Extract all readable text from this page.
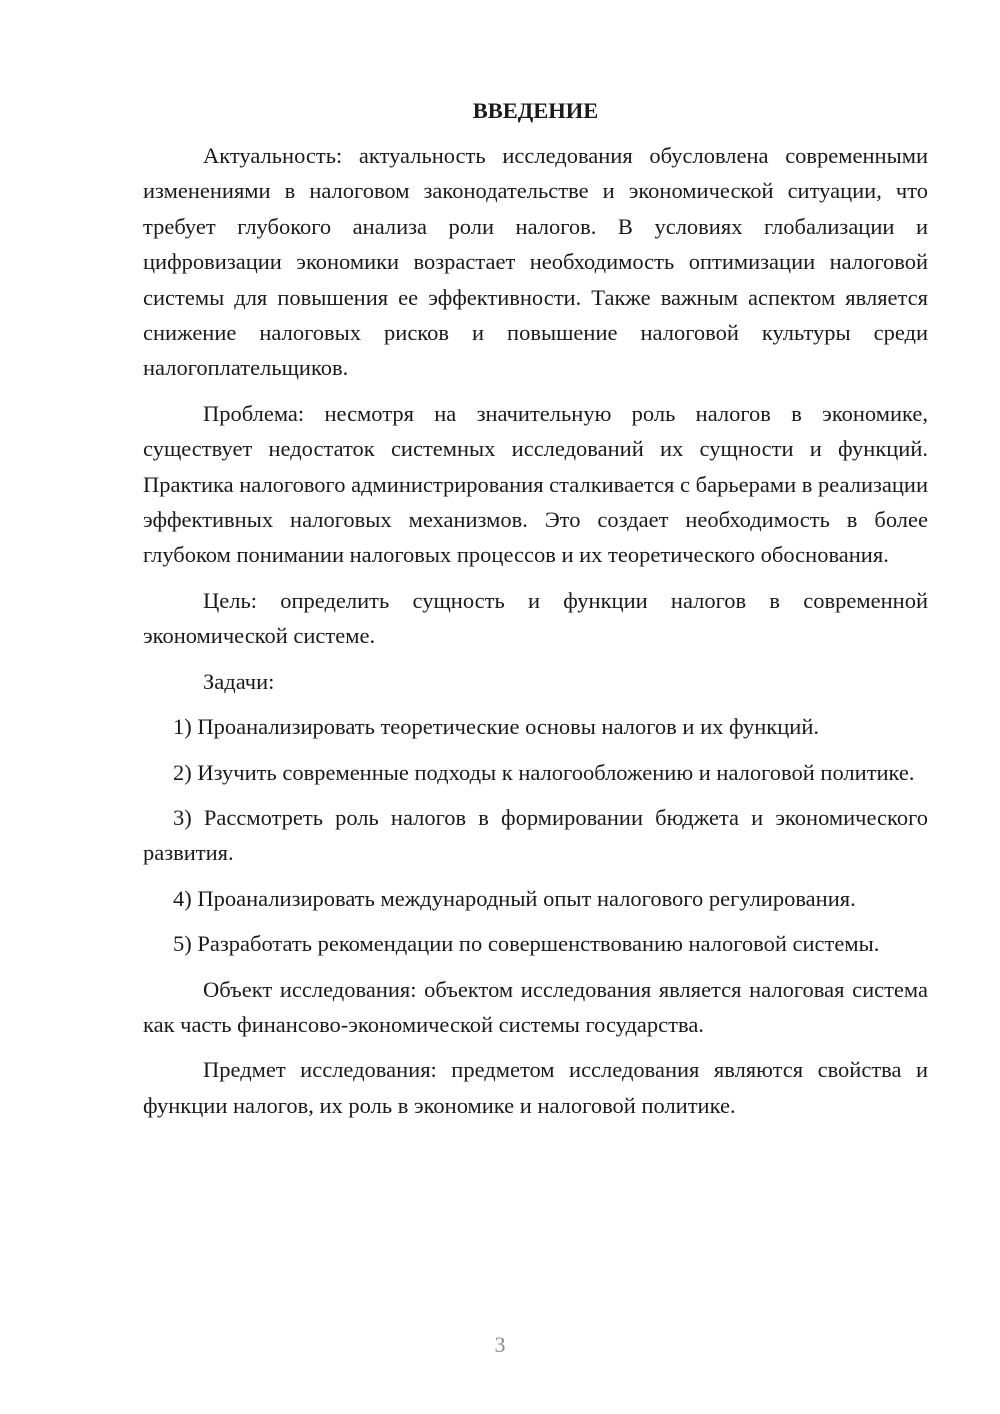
ВВЕДЕНИЕ

Актуальность: актуальность исследования обусловлена современными изменениями в налоговом законодательстве и экономической ситуации, что требует глубокого анализа роли налогов. В условиях глобализации и цифровизации экономики возрастает необходимость оптимизации налоговой системы для повышения ее эффективности. Также важным аспектом является снижение налоговых рисков и повышение налоговой культуры среди налогоплательщиков.

Проблема: несмотря на значительную роль налогов в экономике, существует недостаток системных исследований их сущности и функций. Практика налогового администрирования сталкивается с барьерами в реализации эффективных налоговых механизмов. Это создает необходимость в более глубоком понимании налоговых процессов и их теоретического обоснования.

Цель: определить сущность и функции налогов в современной экономической системе.

Задачи:

1) Проанализировать теоретические основы налогов и их функций.

2) Изучить современные подходы к налогообложению и налоговой политике.

3) Рассмотреть роль налогов в формировании бюджета и экономического развития.

4) Проанализировать международный опыт налогового регулирования.

5) Разработать рекомендации по совершенствованию налоговой системы.

Объект исследования: объектом исследования является налоговая система как часть финансово-экономической системы государства.

Предмет исследования: предметом исследования являются свойства и функции налогов, их роль в экономике и налоговой политике.

3
